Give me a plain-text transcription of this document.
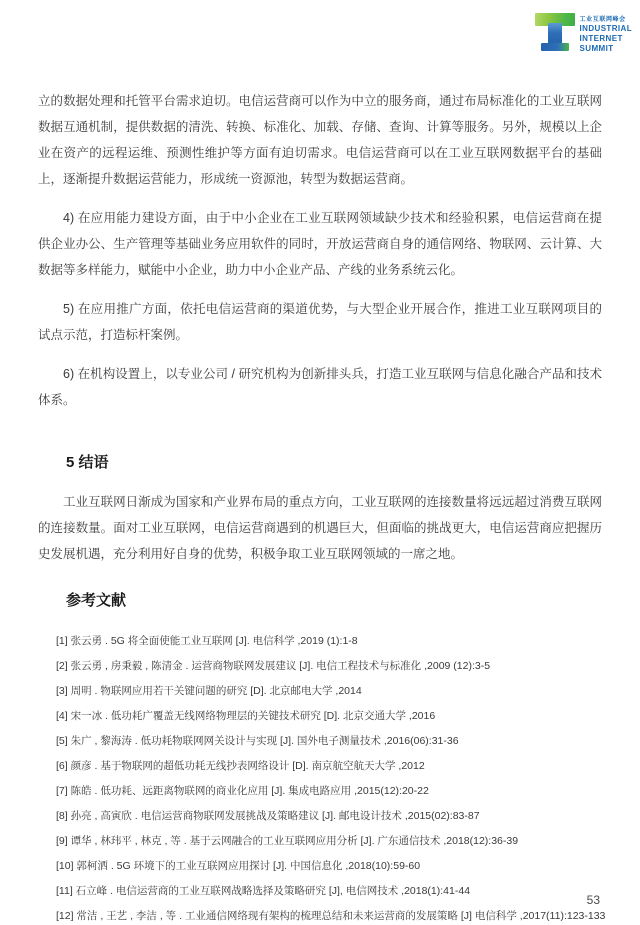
工业互联网峰会
INDUSTRIAL
INTERNET
SUMMIT

立的数据处理和托管平台需求迫切。电信运营商可以作为中立的服务商，通过布局标准化的工业互联网数据互通机制，提供数据的清洗、转换、标准化、加载、存储、查询、计算等服务。另外，规模以上企业在资产的远程运维、预测性维护等方面有迫切需求。电信运营商可以在工业互联网数据平台的基础上，逐渐提升数据运营能力，形成统一资源池，转型为数据运营商。

4) 在应用能力建设方面，由于中小企业在工业互联网领域缺少技术和经验积累，电信运营商在提供企业办公、生产管理等基础业务应用软件的同时，开放运营商自身的通信网络、物联网、云计算、大数据等多样能力，赋能中小企业，助力中小企业产品、产线的业务系统云化。

5) 在应用推广方面，依托电信运营商的渠道优势，与大型企业开展合作，推进工业互联网项目的试点示范，打造标杆案例。

6) 在机构设置上，以专业公司 / 研究机构为创新排头兵，打造工业互联网与信息化融合产品和技术体系。

5 结语

工业互联网日渐成为国家和产业界布局的重点方向，工业互联网的连接数量将远远超过消费互联网的连接数量。面对工业互联网，电信运营商遇到的机遇巨大，但面临的挑战更大，电信运营商应把握历史发展机遇，充分利用好自身的优势，积极争取工业互联网领域的一席之地。

参考文献
[1] 张云勇 . 5G 将全面使能工业互联网 [J]. 电信科学 ,2019 (1):1-8
[2] 张云勇 , 房秉毅 , 陈清金 . 运营商物联网发展建议 [J]. 电信工程技术与标准化 ,2009 (12):3-5
[3] 周明 . 物联网应用若干关键问题的研究 [D]. 北京邮电大学 ,2014
[4] 宋一冰 . 低功耗广覆盖无线网络物理层的关键技术研究 [D]. 北京交通大学 ,2016
[5] 朱广 , 黎海涛 . 低功耗物联网网关设计与实现 [J]. 国外电子测量技术 ,2016(06):31-36
[6] 颜彦 . 基于物联网的超低功耗无线抄表网络设计 [D]. 南京航空航天大学 ,2012
[7] 陈皓 . 低功耗、远距离物联网的商业化应用 [J]. 集成电路应用 ,2015(12):20-22
[8] 孙亮 , 高寅欣 . 电信运营商物联网发展挑战及策略建议 [J]. 邮电设计技术 ,2015(02):83-87
[9] 谭华 , 林玮平 , 林克 , 等 . 基于云网融合的工业互联网应用分析 [J]. 广东通信技术 ,2018(12):36-39
[10] 郭柯洒 . 5G 环境下的工业互联网应用探讨 [J]. 中国信息化 ,2018(10):59-60
[11] 石立峰 . 电信运营商的工业互联网战略选择及策略研究 [J], 电信网技术 ,2018(1):41-44
[12] 常洁 , 王艺 , 李洁 , 等 . 工业通信网络现有架构的梳理总结和未来运营商的发展策略 [J] 电信科学 ,2017(11):123-133
53
